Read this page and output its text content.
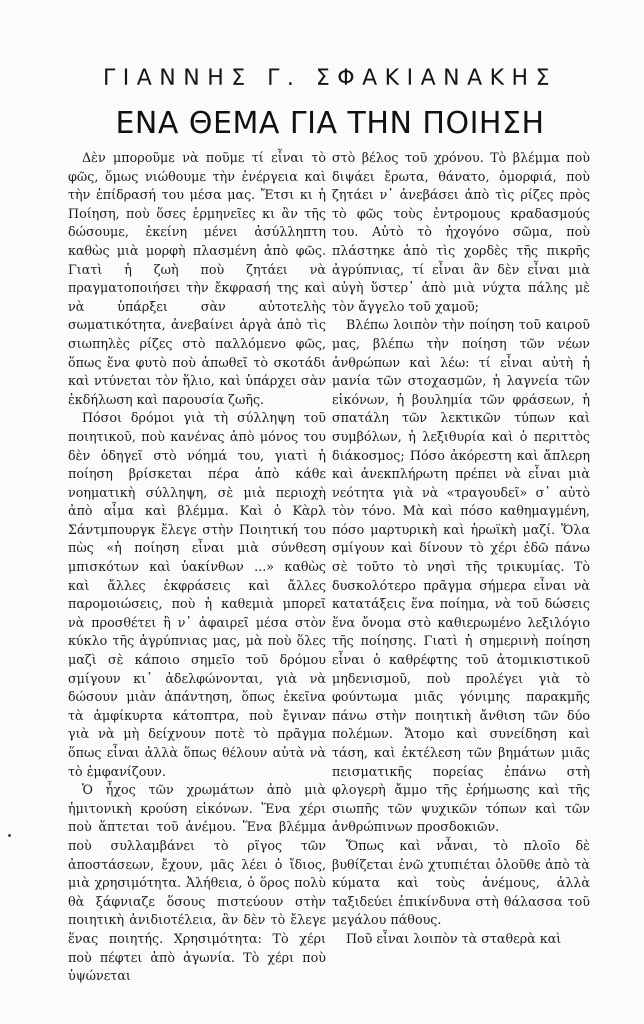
ΓΙΑΝΝΗΣ Γ. ΣΦΑΚΙΑΝΑΚΗΣ
ΕΝΑ ΘΕΜΑ ΓΙΑ ΤΗΝ ΠΟΙΗΣΗ

Δὲν μποροῦμε νὰ ποῦμε τί εἶναι τὸ φῶς, ὅμως νιώθουμε τὴν ἐνέργεια καὶ τὴν ἐπίδρασή του μέσα μας. Ἔτσι κι ἡ Ποίηση, ποὺ ὅσες ἑρμηνεῖες κι ἂν τῆς δώσουμε, ἐκείνη μένει ἀσύλληπτη καθὼς μιὰ μορφὴ πλασμένη ἀπὸ φῶς. Γιατὶ ἡ ζωὴ ποὺ ζητάει νὰ πραγματοποιήσει τὴν ἔκφρασή της καὶ νὰ ὑπάρξει σὰν αὐτοτελὴς σωματικότητα, ἀνεβαίνει ἀργὰ ἀπὸ τὶς σιωπηλὲς ρίζες στὸ παλλόμενο φῶς, ὅπως ἕνα φυτὸ ποὺ ἀπωθεῖ τὸ σκοτάδι καὶ ντύνεται τὸν ἥλιο, καὶ ὑπάρχει σὰν ἐκδήλωση καὶ παρουσία ζωῆς.

Πόσοι δρόμοι γιὰ τὴ σύλληψη τοῦ ποιητικοῦ, ποὺ κανένας ἀπὸ μόνος του δὲν ὁδηγεῖ στὸ νόημά του, γιατὶ ἡ ποίηση βρίσκεται πέρα ἀπὸ κάθε νοηματικὴ σύλληψη, σὲ μιὰ περιοχὴ ἀπὸ αἷμα καὶ βλέμμα. Καὶ ὁ Κὰρλ Σάντμπουργκ ἔλεγε στὴν Ποιητική του πὼς «ἡ ποίηση εἶναι μιὰ σύνθεση μπισκότων καὶ ὑακίνθων ...» καθὼς καὶ ἄλλες ἐκφράσεις καὶ ἄλλες παρομοιώσεις, ποὺ ἡ καθεμιὰ μπορεῖ νὰ προσθέτει ἢ ν᾽ ἀφαιρεῖ μέσα στὸν κύκλο τῆς ἀγρύπνιας μας, μὰ ποὺ ὅλες μαζὶ σὲ κάποιο σημεῖο τοῦ δρόμου σμίγουν κι᾽ ἀδελφώνονται, γιὰ νὰ δώσουν μιὰν ἀπάντηση, ὅπως ἐκεῖνα τὰ ἀμφίκυρτα κάτοπτρα, ποὺ ἔγιναν γιὰ νὰ μὴ δείχνουν ποτὲ τὸ πρᾶγμα ὅπως εἶναι ἀλλὰ ὅπως θέλουν αὐτὰ νὰ τὸ ἐμφανίζουν.

Ὁ ἦχος τῶν χρωμάτων ἀπὸ μιὰ ἡμιτονικὴ κρούση εἰκόνων. Ἕνα χέρι ποὺ ἅπτεται τοῦ ἀνέμου. Ἕνα βλέμμα ποὺ συλλαμβάνει τὸ ρῖγος τῶν ἀποστάσεων, ἔχουν, μᾶς λέει ὁ ἴδιος, μιὰ χρησιμότητα. Ἀλήθεια, ὁ ὅρος πολὺ θὰ ξάφνιαζε ὅσους πιστεύουν στὴν ποιητικὴ ἀνιδιοτέλεια, ἂν δὲν τὸ ἔλεγε ἕνας ποιητής. Χρησιμότητα: Τὸ χέρι ποὺ πέφτει ἀπὸ ἀγωνία. Τὸ χέρι ποὺ ὑψώνεται

στὸ βέλος τοῦ χρόνου. Τὸ βλέμμα ποὺ διψάει ἔρωτα, θάνατο, ὀμορφιά, ποὺ ζητάει ν᾽ ἀνεβάσει ἀπὸ τὶς ρίζες πρὸς τὸ φῶς τοὺς ἐντρομους κραδασμούς του. Αὐτὸ τὸ ἠχογόνο σῶμα, ποὺ πλάστηκε ἀπὸ τὶς χορδὲς τῆς πικρῆς ἀγρύπνιας, τί εἶναι ἂν δὲν εἶναι μιὰ αὐγὴ ὕστερ᾽ ἀπὸ μιὰ νύχτα πάλης μὲ τὸν ἄγγελο τοῦ χαμοῦ;

Βλέπω λοιπὸν τὴν ποίηση τοῦ καιροῦ μας, βλέπω τὴν ποίηση τῶν νέων ἀνθρώπων καὶ λέω: τί εἶναι αὐτὴ ἡ μανία τῶν στοχασμῶν, ἡ λαγνεία τῶν εἰκόνων, ἡ βουλημία τῶν φράσεων, ἡ σπατάλη τῶν λεκτικῶν τύπων καὶ συμβόλων, ἡ λεξιθυρία καὶ ὁ περιττὸς διάκοσμος; Πόσο ἀκόρεστη καὶ ἄπλερη καὶ ἀνεκπλήρωτη πρέπει νὰ εἶναι μιὰ νεότητα γιὰ νὰ «τραγουδεῖ» σ᾽ αὐτὸ τὸν τόνο. Μὰ καὶ πόσο καθημαγμένη, πόσο μαρτυρικὴ καὶ ἡρωϊκὴ μαζί. Ὅλα σμίγουν καὶ δίνουν τὸ χέρι ἐδῶ πάνω σὲ τοῦτο τὸ νησὶ τῆς τρικυμίας. Τὸ δυσκολότερο πρᾶγμα σήμερα εἶναι νὰ κατατάξεις ἕνα ποίημα, νὰ τοῦ δώσεις ἕνα ὄνομα στὸ καθιερωμένο λεξιλόγιο τῆς ποίησης. Γιατὶ ἡ σημερινὴ ποίηση εἶναι ὁ καθρέφτης τοῦ ἀτομικιστικοῦ μηδενισμοῦ, ποὺ προλέγει γιὰ τὸ φούντωμα μιᾶς γόνιμης παρακμῆς πάνω στὴν ποιητικὴ ἄνθιση τῶν δύο πολέμων. Ἄτομο καὶ συνείδηση καὶ τάση, καὶ ἐκτέλεση τῶν βημάτων μιᾶς πεισματικῆς πορείας ἐπάνω στὴ φλογερὴ ἄμμο τῆς ἐρήμωσης καὶ τῆς σιωπῆς τῶν ψυχικῶν τόπων καὶ τῶν ἀνθρώπινων προσδοκιῶν.

Ὅπως καὶ νἆναι, τὸ πλοῖο δὲ βυθίζεται ἐνῶ χτυπιέται ὁλοῦθε ἀπὸ τὰ κύματα καὶ τοὺς ἀνέμους, ἀλλὰ ταξιδεύει ἐπικίνδυνα στὴ θάλασσα τοῦ μεγάλου πάθους.

Ποῦ εἶναι λοιπὸν τὰ σταθερὰ καὶ
